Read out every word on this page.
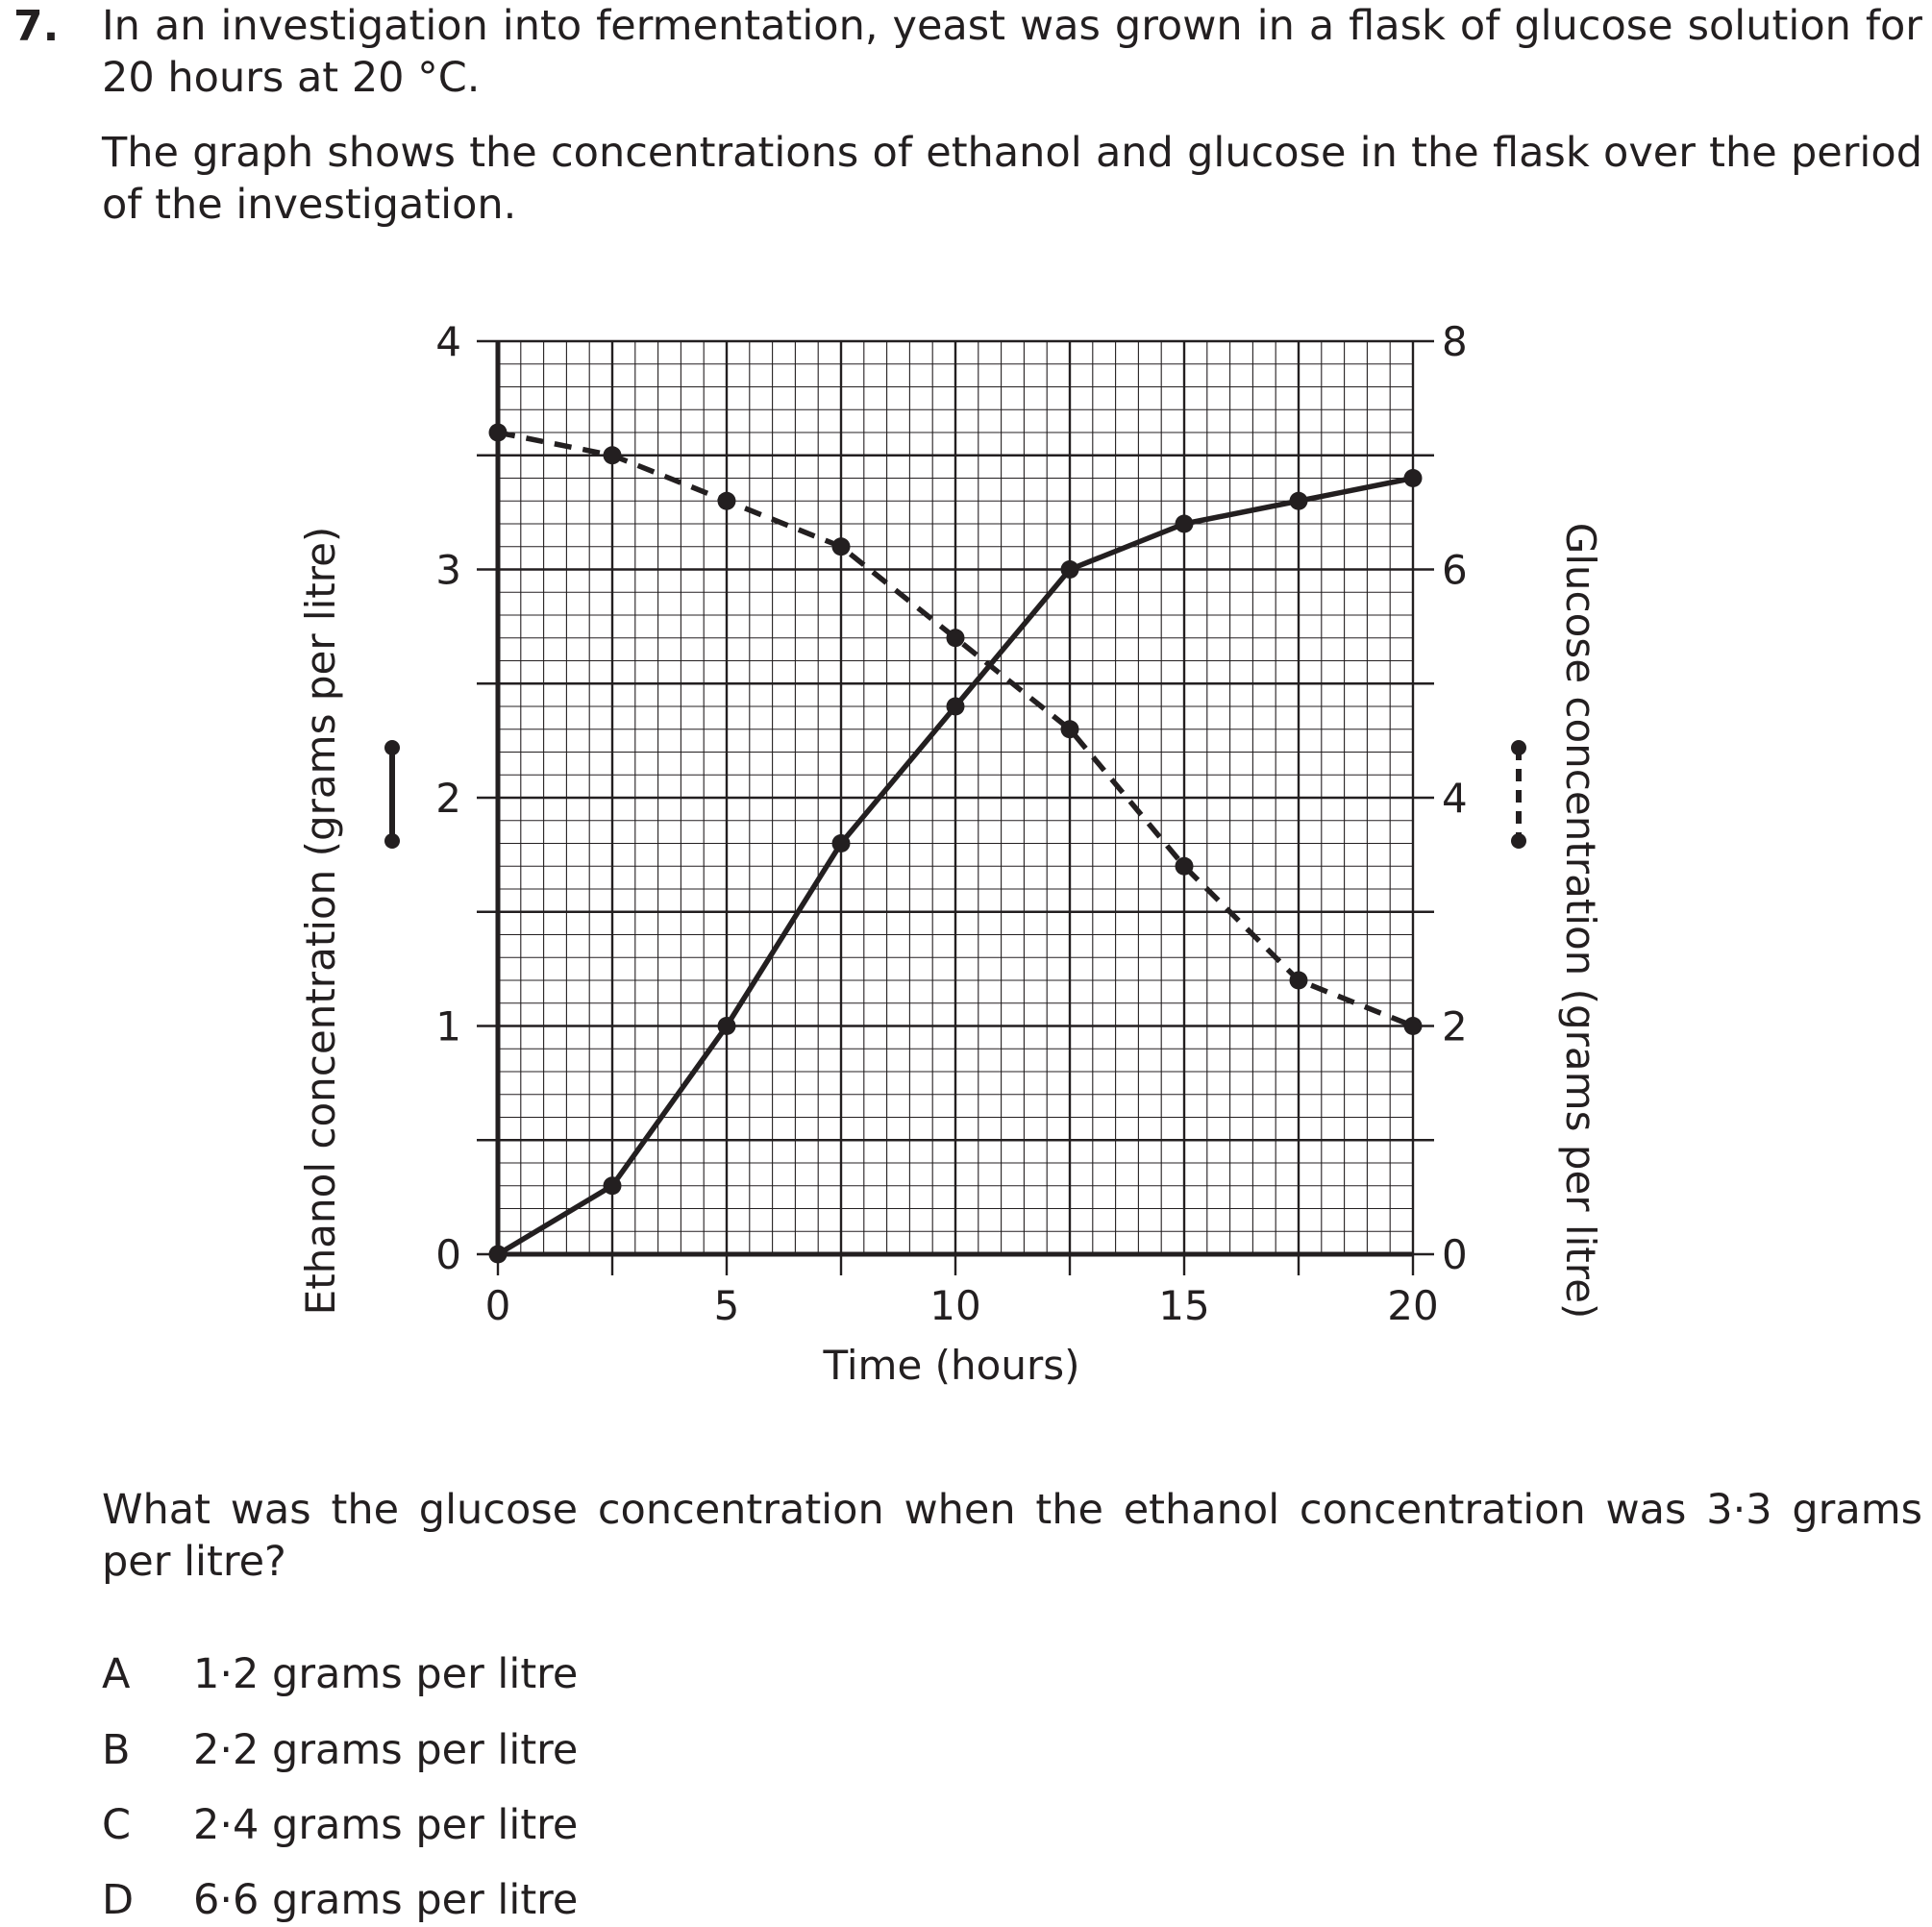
7. In an investigation into fermentation, yeast was grown in a flask of glucose solution for 20 hours at 20 °C.
The graph shows the concentrations of ethanol and glucose in the flask over the period of the investigation.
0	5	10	15	20
0
1
2
3
4
0
2
4
6
8
Time (hours)
Ethanol concentration (grams per litre)	Glucose concentration (grams per litre)
What was the glucose concentration when the ethanol concentration was 3·3 grams per litre?
A 1·2 grams per litre
B 2·2 grams per litre
C 2·4 grams per litre
D 6·6 grams per litre
